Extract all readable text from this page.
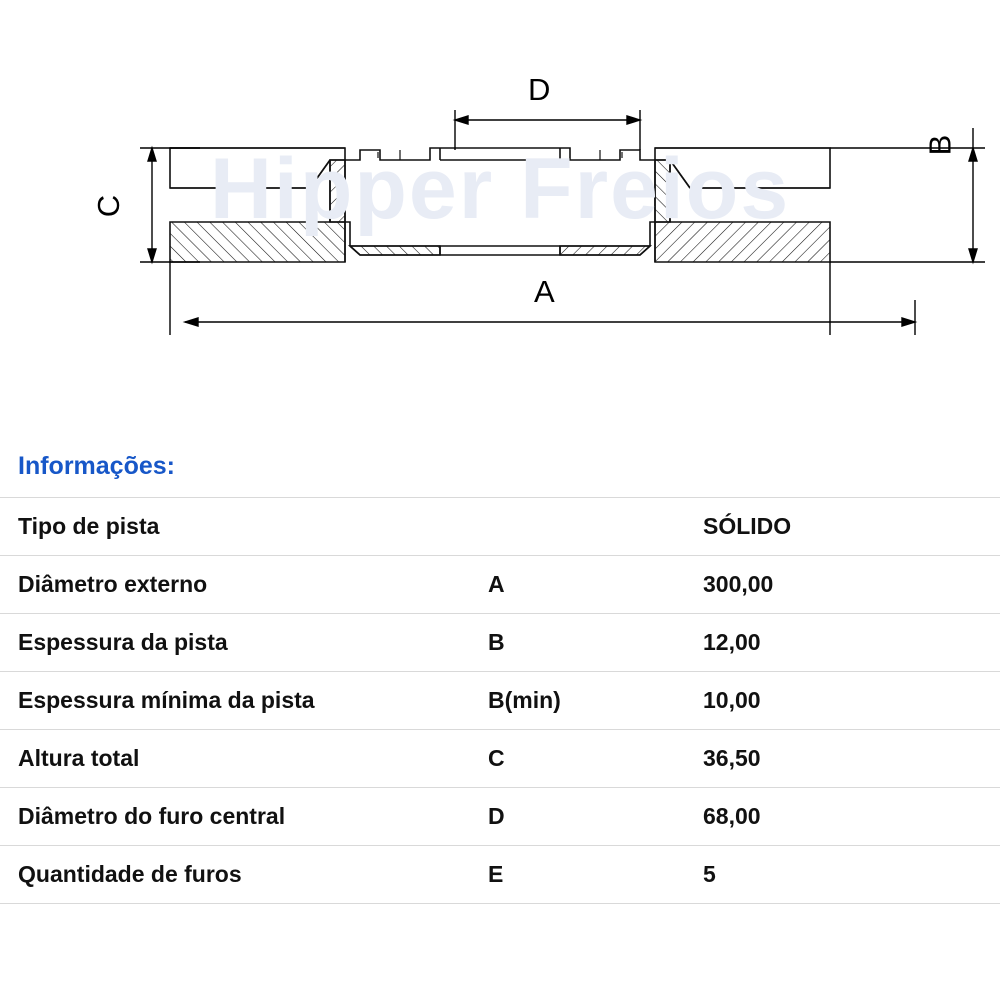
Hipper Freios
D
C
A
B
Informações:
Tipo de pista		SÓLIDO
Diâmetro externo	A	300,00
Espessura da pista	B	12,00
Espessura mínima da pista	B(min)	10,00
Altura total	C	36,50
Diâmetro do furo central	D	68,00
Quantidade de furos	E	5
